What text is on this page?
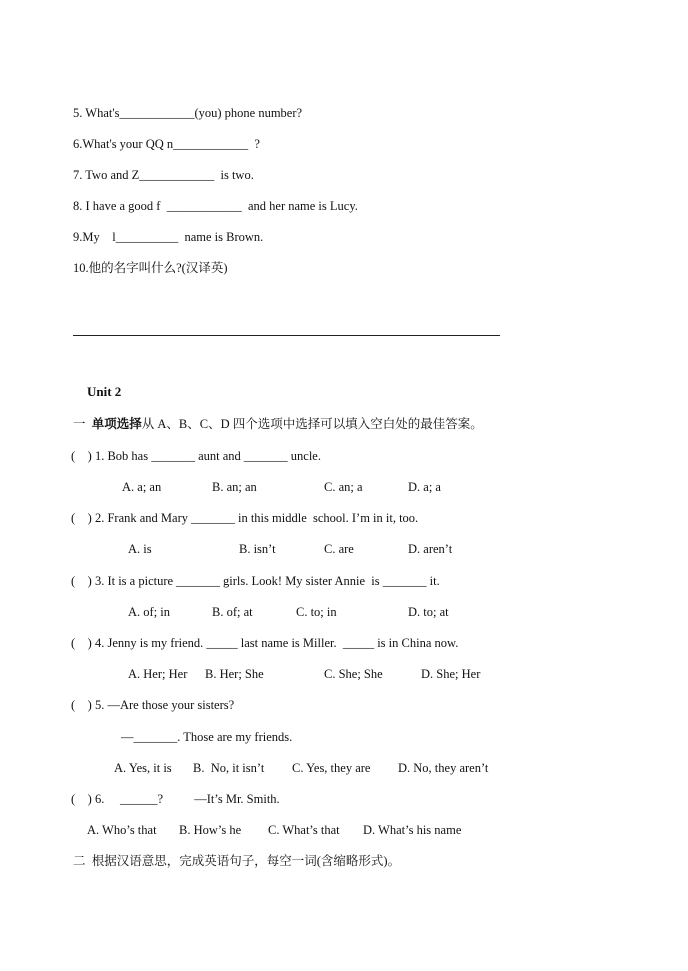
5. What's____________(you) phone number?
6.What's your QQ n____________  ?
7. Two and Z____________  is two.
8. I have a good f  ____________  and her name is Lucy.
9.My    l__________  name is Brown.
10.他的名字叫什么?(汉译英)
Unit 2
一  单项选择从 A、B、C、D 四个选项中选择可以填入空白处的最佳答案。
(    ) 1. Bob has _______ aunt and _______ uncle.
A. a; an	B. an; an	C. an; a	D. a; a
(    ) 2. Frank and Mary _______ in this middle  school. I’m in it, too.
A. is	B. isn’t	C. are	D. aren’t
(    ) 3. It is a picture _______ girls. Look! My sister Annie  is _______ it.
A. of; in	B. of; at	C. to; in	D. to; at
(    ) 4. Jenny is my friend. _____ last name is Miller.  _____ is in China now.
A. Her; Her B. Her; She	C. She; She	D. She; Her
(    ) 5. —Are those your sisters?
—_______. Those are my friends.
A. Yes, it is B.  No, it isn’t C. Yes, they are D. No, they aren’t
(    ) 6.     ______?          —It’s Mr. Smith.
A. Who’s that B. How’s he C. What’s that D. What’s his name
二  根据汉语意思，完成英语句子，每空一词(含缩略形式)。
